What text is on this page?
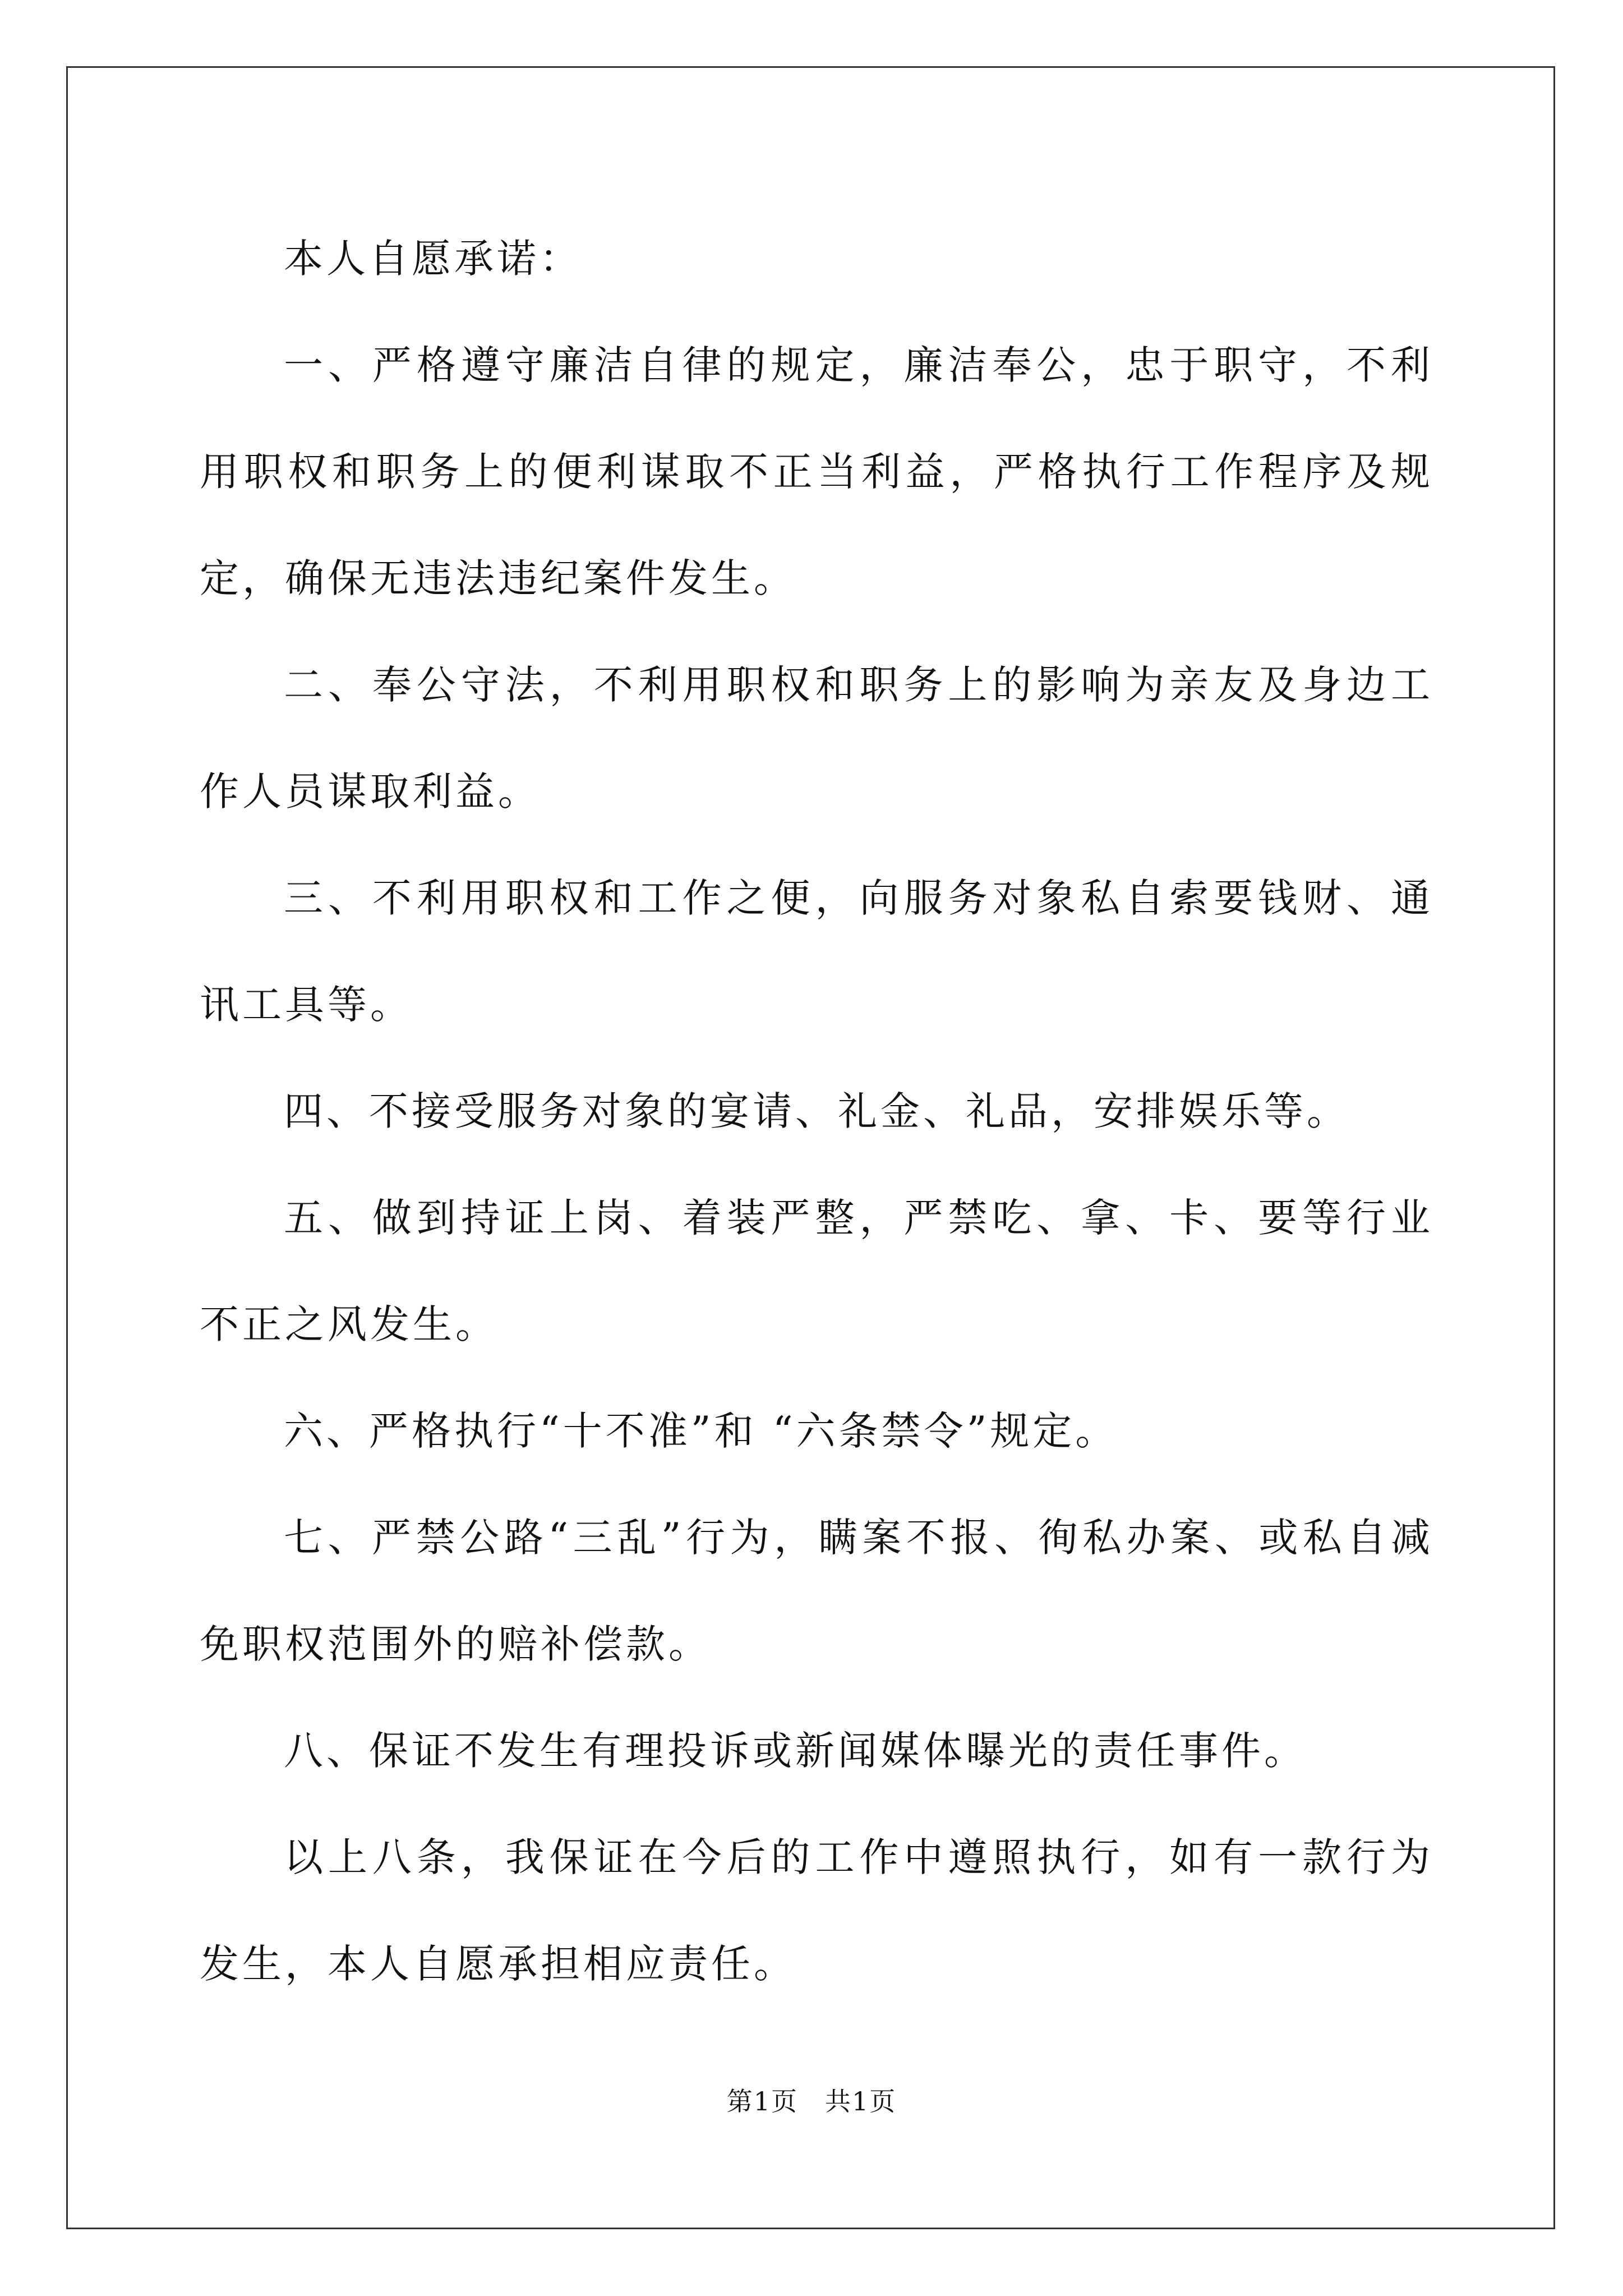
本人自愿承诺：

一、严格遵守廉洁自律的规定，廉洁奉公，忠于职守，不利用职权和职务上的便利谋取不正当利益，严格执行工作程序及规定，确保无违法违纪案件发生。

二、奉公守法，不利用职权和职务上的影响为亲友及身边工作人员谋取利益。

三、不利用职权和工作之便，向服务对象私自索要钱财、通讯工具等。

四、不接受服务对象的宴请、礼金、礼品，安排娱乐等。

五、做到持证上岗、着装严整，严禁吃、拿、卡、要等行业不正之风发生。

六、严格执行“十不准”和 “六条禁令”规定。

七、严禁公路“三乱”行为，瞒案不报、徇私办案、或私自减免职权范围外的赔补偿款。

八、保证不发生有理投诉或新闻媒体曝光的责任事件。

以上八条，我保证在今后的工作中遵照执行，如有一款行为发生，本人自愿承担相应责任。

第1页　共1页
